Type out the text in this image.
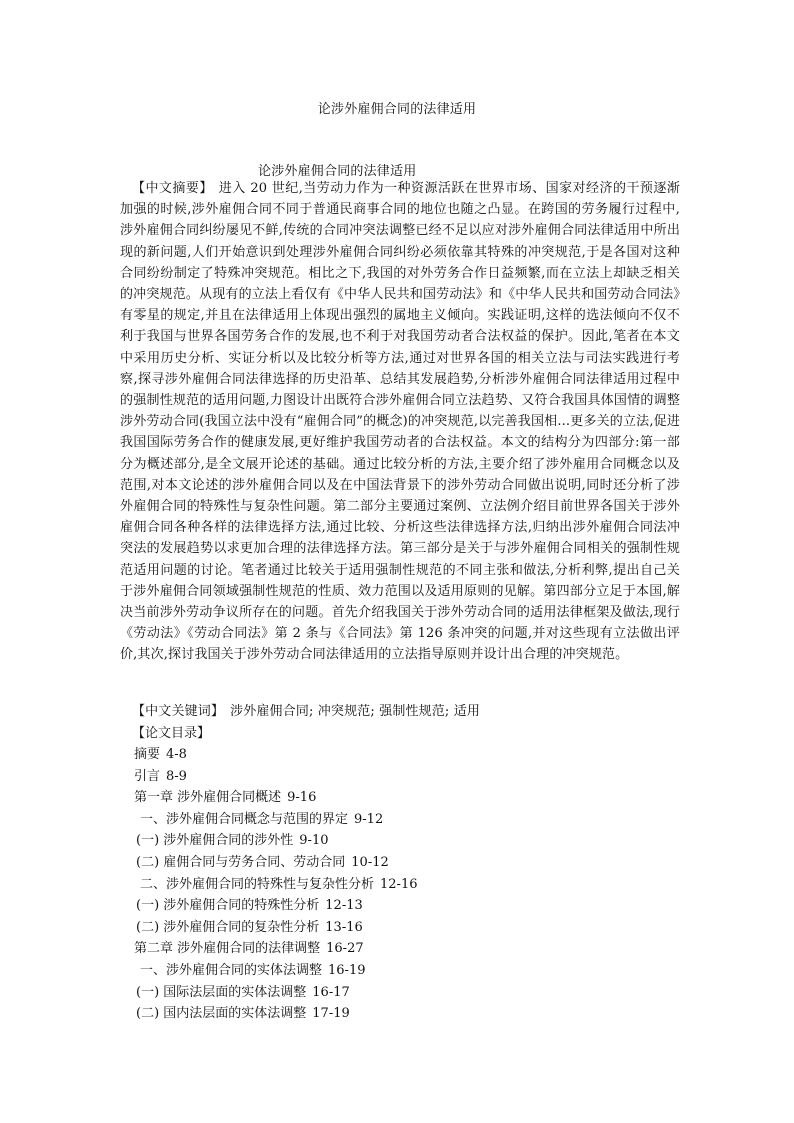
论涉外雇佣合同的法律适用
论涉外雇佣合同的法律适用
【中文摘要】 进入 20 世纪,当劳动力作为一种资源活跃在世界市场、国家对经济的干预逐渐加强的时候,涉外雇佣合同不同于普通民商事合同的地位也随之凸显。在跨国的劳务履行过程中,涉外雇佣合同纠纷屡见不鲜,传统的合同冲突法调整已经不足以应对涉外雇佣合同法律适用中所出现的新问题,人们开始意识到处理涉外雇佣合同纠纷必须依靠其特殊的冲突规范,于是各国对这种合同纷纷制定了特殊冲突规范。相比之下,我国的对外劳务合作日益频繁,而在立法上却缺乏相关的冲突规范。从现有的立法上看仅有《中华人民共和国劳动法》和《中华人民共和国劳动合同法》有零星的规定,并且在法律适用上体现出强烈的属地主义倾向。实践证明,这样的选法倾向不仅不利于我国与世界各国劳务合作的发展,也不利于对我国劳动者合法权益的保护。因此,笔者在本文中采用历史分析、实证分析以及比较分析等方法,通过对世界各国的相关立法与司法实践进行考察,探寻涉外雇佣合同法律选择的历史沿革、总结其发展趋势,分析涉外雇佣合同法律适用过程中的强制性规范的适用问题,力图设计出既符合涉外雇佣合同立法趋势、又符合我国具体国情的调整涉外劳动合同(我国立法中没有“雇佣合同”的概念)的冲突规范,以完善我国相...更多关的立法,促进我国国际劳务合作的健康发展,更好维护我国劳动者的合法权益。本文的结构分为四部分:第一部分为概述部分,是全文展开论述的基础。通过比较分析的方法,主要介绍了涉外雇用合同概念以及范围,对本文论述的涉外雇佣合同以及在中国法背景下的涉外劳动合同做出说明,同时还分析了涉外雇佣合同的特殊性与复杂性问题。第二部分主要通过案例、立法例介绍目前世界各国关于涉外雇佣合同各种各样的法律选择方法,通过比较、分析这些法律选择方法,归纳出涉外雇佣合同法冲突法的发展趋势以求更加合理的法律选择方法。第三部分是关于与涉外雇佣合同相关的强制性规范适用问题的讨论。笔者通过比较关于适用强制性规范的不同主张和做法,分析利弊,提出自己关于涉外雇佣合同领域强制性规范的性质、效力范围以及适用原则的见解。第四部分立足于本国,解决当前涉外劳动争议所存在的问题。首先介绍我国关于涉外劳动合同的适用法律框架及做法,现行《劳动法》《劳动合同法》第 2 条与《合同法》第 126 条冲突的问题,并对这些现有立法做出评价,其次,探讨我国关于涉外劳动合同法律适用的立法指导原则并设计出合理的冲突规范。
【中文关键词】 涉外雇佣合同; 冲突规范; 强制性规范; 适用
【论文目录】
摘要 4-8
引言 8-9
第一章 涉外雇佣合同概述 9-16
一、涉外雇佣合同概念与范围的界定 9-12
(一) 涉外雇佣合同的涉外性 9-10
(二) 雇佣合同与劳务合同、劳动合同 10-12
二、涉外雇佣合同的特殊性与复杂性分析 12-16
(一) 涉外雇佣合同的特殊性分析 12-13
(二) 涉外雇佣合同的复杂性分析 13-16
第二章 涉外雇佣合同的法律调整 16-27
一、涉外雇佣合同的实体法调整 16-19
(一) 国际法层面的实体法调整 16-17
(二) 国内法层面的实体法调整 17-19
